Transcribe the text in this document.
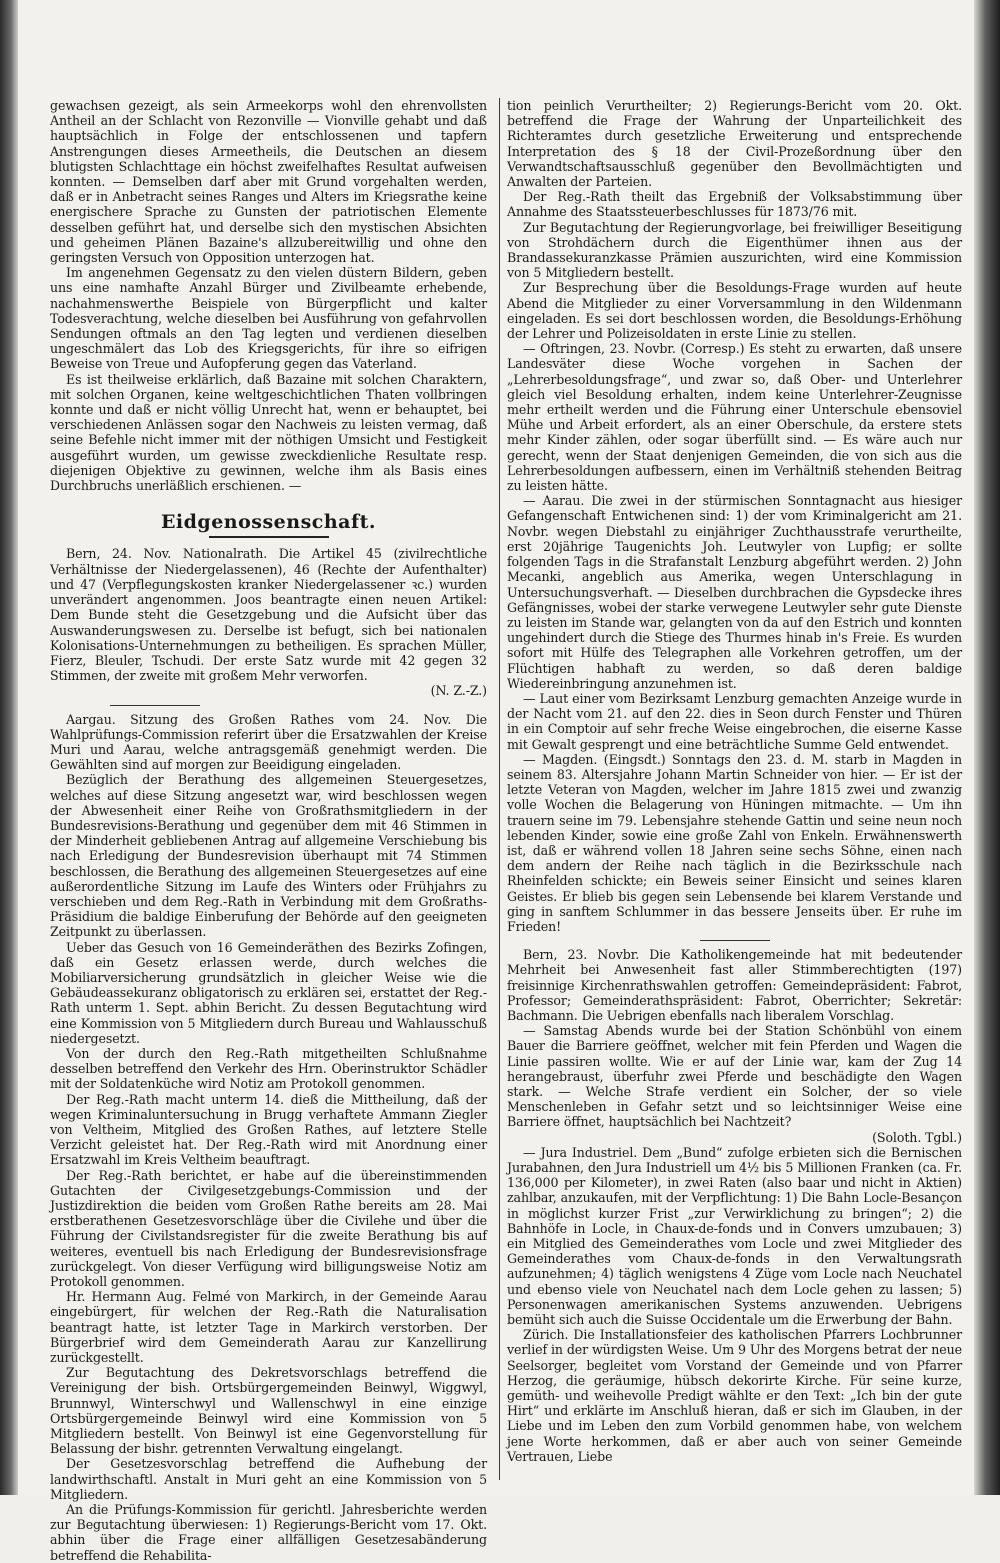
gewachsen gezeigt, als sein Armeekorps wohl den ehrenvollsten Antheil an der Schlacht von Rezonville — Vionville gehabt und daß hauptsächlich in Folge der entschlossenen und tapfern Anstrengungen dieses Armeetheils, die Deutschen an diesem blutigsten Schlachttage ein höchst zweifelhaftes Resultat aufweisen konnten. — Demselben darf aber mit Grund vorgehalten werden, daß er in Anbetracht seines Ranges und Alters im Kriegsrathe keine energischere Sprache zu Gunsten der patriotischen Elemente desselben geführt hat, und derselbe sich den mystischen Absichten und geheimen Plänen Bazaine's allzubereitwillig und ohne den geringsten Versuch von Opposition unterzogen hat.

Im angenehmen Gegensatz zu den vielen düstern Bildern, geben uns eine namhafte Anzahl Bürger und Zivilbeamte erhebende, nachahmenswerthe Beispiele von Bürgerpflicht und kalter Todesverachtung, welche dieselben bei Ausführung von gefahrvollen Sendungen oftmals an den Tag legten und verdienen dieselben ungeschmälert das Lob des Kriegsgerichts, für ihre so eifrigen Beweise von Treue und Aufopferung gegen das Vaterland.

Es ist theilweise erklärlich, daß Bazaine mit solchen Charaktern, mit solchen Organen, keine weltgeschichtlichen Thaten vollbringen konnte und daß er nicht völlig Unrecht hat, wenn er behauptet, bei verschiedenen Anlässen sogar den Nachweis zu leisten vermag, daß seine Befehle nicht immer mit der nöthigen Umsicht und Festigkeit ausgeführt wurden, um gewisse zweckdienliche Resultate resp. diejenigen Objektive zu gewinnen, welche ihm als Basis eines Durchbruchs unerläßlich erschienen. —

Eidgenossenschaft.

Bern, 24. Nov. Nationalrath. Die Artikel 45 (zivilrechtliche Verhältnisse der Niedergelassenen), 46 (Rechte der Aufenthalter) und 47 (Verpflegungskosten kranker Niedergelassener ꝛc.) wurden unverändert angenommen. Joos beantragte einen neuen Artikel: Dem Bunde steht die Gesetzgebung und die Aufsicht über das Auswanderungswesen zu. Derselbe ist befugt, sich bei nationalen Kolonisations-Unternehmungen zu betheiligen. Es sprachen Müller, Fierz, Bleuler, Tschudi. Der erste Satz wurde mit 42 gegen 32 Stimmen, der zweite mit großem Mehr verworfen.

(N. Z.-Z.)

Aargau. Sitzung des Großen Rathes vom 24. Nov. Die Wahlprüfungs-Commission referirt über die Ersatzwahlen der Kreise Muri und Aarau, welche antragsgemäß genehmigt werden. Die Gewählten sind auf morgen zur Beeidigung eingeladen.

Bezüglich der Berathung des allgemeinen Steuergesetzes, welches auf diese Sitzung angesetzt war, wird beschlossen wegen der Abwesenheit einer Reihe von Großrathsmitgliedern in der Bundesrevisions-Berathung und gegenüber dem mit 46 Stimmen in der Minderheit gebliebenen Antrag auf allgemeine Verschiebung bis nach Erledigung der Bundesrevision überhaupt mit 74 Stimmen beschlossen, die Berathung des allgemeinen Steuergesetzes auf eine außerordentliche Sitzung im Laufe des Winters oder Frühjahrs zu verschieben und dem Reg.-Rath in Verbindung mit dem Großraths-Präsidium die baldige Einberufung der Behörde auf den geeigneten Zeitpunkt zu überlassen.

Ueber das Gesuch von 16 Gemeinderäthen des Bezirks Zofingen, daß ein Gesetz erlassen werde, durch welches die Mobiliarversicherung grundsätzlich in gleicher Weise wie die Gebäudeassekuranz obligatorisch zu erklären sei, erstattet der Reg.-Rath unterm 1. Sept. abhin Bericht. Zu dessen Begutachtung wird eine Kommission von 5 Mitgliedern durch Bureau und Wahlausschuß niedergesetzt.

Von der durch den Reg.-Rath mitgetheilten Schlußnahme desselben betreffend den Verkehr des Hrn. Oberinstruktor Schädler mit der Soldatenküche wird Notiz am Protokoll genommen.

Der Reg.-Rath macht unterm 14. dieß die Mittheilung, daß der wegen Kriminaluntersuchung in Brugg verhaftete Ammann Ziegler von Veltheim, Mitglied des Großen Rathes, auf letztere Stelle Verzicht geleistet hat. Der Reg.-Rath wird mit Anordnung einer Ersatzwahl im Kreis Veltheim beauftragt.

Der Reg.-Rath berichtet, er habe auf die übereinstimmenden Gutachten der Civilgesetzgebungs-Commission und der Justizdirektion die beiden vom Großen Rathe bereits am 28. Mai erstberathenen Gesetzesvorschläge über die Civilehe und über die Führung der Civilstandsregister für die zweite Berathung bis auf weiteres, eventuell bis nach Erledigung der Bundesrevisionsfrage zurückgelegt. Von dieser Verfügung wird billigungsweise Notiz am Protokoll genommen.

Hr. Hermann Aug. Felmé von Markirch, in der Gemeinde Aarau eingebürgert, für welchen der Reg.-Rath die Naturalisation beantragt hatte, ist letzter Tage in Markirch verstorben. Der Bürgerbrief wird dem Gemeinderath Aarau zur Kanzellirung zurückgestellt.

Zur Begutachtung des Dekretsvorschlags betreffend die Vereinigung der bish. Ortsbürgergemeinden Beinwyl, Wiggwyl, Brunnwyl, Winterschwyl und Wallenschwyl in eine einzige Ortsbürgergemeinde Beinwyl wird eine Kommission von 5 Mitgliedern bestellt. Von Beinwyl ist eine Gegenvorstellung für Belassung der bishr. getrennten Verwaltung eingelangt.

Der Gesetzesvorschlag betreffend die Aufhebung der landwirthschaftl. Anstalt in Muri geht an eine Kommission von 5 Mitgliedern.

An die Prüfungs-Kommission für gerichtl. Jahresberichte werden zur Begutachtung überwiesen: 1) Regierungs-Bericht vom 17. Okt. abhin über die Frage einer allfälligen Gesetzesabänderung betreffend die Rehabilita-

tion peinlich Verurtheilter; 2) Regierungs-Bericht vom 20. Okt. betreffend die Frage der Wahrung der Unparteilichkeit des Richteramtes durch gesetzliche Erweiterung und entsprechende Interpretation des § 18 der Civil-Prozeßordnung über den Verwandtschaftsausschluß gegenüber den Bevollmächtigten und Anwalten der Parteien.

Der Reg.-Rath theilt das Ergebniß der Volksabstimmung über Annahme des Staatssteuerbeschlusses für 1873/76 mit.

Zur Begutachtung der Regierungvorlage, bei freiwilliger Beseitigung von Strohdächern durch die Eigenthümer ihnen aus der Brandassekuranzkasse Prämien auszurichten, wird eine Kommission von 5 Mitgliedern bestellt.

Zur Besprechung über die Besoldungs-Frage wurden auf heute Abend die Mitglieder zu einer Vorversammlung in den Wildenmann eingeladen. Es sei dort beschlossen worden, die Besoldungs-Erhöhung der Lehrer und Polizeisoldaten in erste Linie zu stellen.

— Oftringen, 23. Novbr. (Corresp.) Es steht zu erwarten, daß unsere Landesväter diese Woche vorgehen in Sachen der „Lehrerbesoldungsfrage“, und zwar so, daß Ober- und Unterlehrer gleich viel Besoldung erhalten, indem keine Unterlehrer-Zeugnisse mehr ertheilt werden und die Führung einer Unterschule ebensoviel Mühe und Arbeit erfordert, als an einer Oberschule, da erstere stets mehr Kinder zählen, oder sogar überfüllt sind. — Es wäre auch nur gerecht, wenn der Staat denjenigen Gemeinden, die von sich aus die Lehrerbesoldungen aufbessern, einen im Verhältniß stehenden Beitrag zu leisten hätte.

— Aarau. Die zwei in der stürmischen Sonntagnacht aus hiesiger Gefangenschaft Entwichenen sind: 1) der vom Kriminalgericht am 21. Novbr. wegen Diebstahl zu einjähriger Zuchthausstrafe verurtheilte, erst 20jährige Taugenichts Joh. Leutwyler von Lupfig; er sollte folgenden Tags in die Strafanstalt Lenzburg abgeführt werden. 2) John Mecanki, angeblich aus Amerika, wegen Unterschlagung in Untersuchungsverhaft. — Dieselben durchbrachen die Gypsdecke ihres Gefängnisses, wobei der starke verwegene Leutwyler sehr gute Dienste zu leisten im Stande war, gelangten von da auf den Estrich und konnten ungehindert durch die Stiege des Thurmes hinab in's Freie. Es wurden sofort mit Hülfe des Telegraphen alle Vorkehren getroffen, um der Flüchtigen habhaft zu werden, so daß deren baldige Wiedereinbringung anzunehmen ist.

— Laut einer vom Bezirksamt Lenzburg gemachten Anzeige wurde in der Nacht vom 21. auf den 22. dies in Seon durch Fenster und Thüren in ein Comptoir auf sehr freche Weise eingebrochen, die eiserne Kasse mit Gewalt gesprengt und eine beträchtliche Summe Geld entwendet.

— Magden. (Eingsdt.) Sonntags den 23. d. M. starb in Magden in seinem 83. Altersjahre Johann Martin Schneider von hier. — Er ist der letzte Veteran von Magden, welcher im Jahre 1815 zwei und zwanzig volle Wochen die Belagerung von Hüningen mitmachte. — Um ihn trauern seine im 79. Lebensjahre stehende Gattin und seine neun noch lebenden Kinder, sowie eine große Zahl von Enkeln. Erwähnenswerth ist, daß er während vollen 18 Jahren seine sechs Söhne, einen nach dem andern der Reihe nach täglich in die Bezirksschule nach Rheinfelden schickte; ein Beweis seiner Einsicht und seines klaren Geistes. Er blieb bis gegen sein Lebensende bei klarem Verstande und ging in sanftem Schlummer in das bessere Jenseits über. Er ruhe im Frieden!

Bern, 23. Novbr. Die Katholikengemeinde hat mit bedeutender Mehrheit bei Anwesenheit fast aller Stimmberechtigten (197) freisinnige Kirchenrathswahlen getroffen: Gemeindepräsident: Fabrot, Professor; Gemeinderathspräsident: Fabrot, Oberrichter; Sekretär: Bachmann. Die Uebrigen ebenfalls nach liberalem Vorschlag.

— Samstag Abends wurde bei der Station Schönbühl von einem Bauer die Barriere geöffnet, welcher mit fein Pferden und Wagen die Linie passiren wollte. Wie er auf der Linie war, kam der Zug 14 herangebraust, überfuhr zwei Pferde und beschädigte den Wagen stark. — Welche Strafe verdient ein Solcher, der so viele Menschenleben in Gefahr setzt und so leichtsinniger Weise eine Barriere öffnet, hauptsächlich bei Nachtzeit?

(Soloth. Tgbl.)

— Jura Industriel. Dem „Bund“ zufolge erbieten sich die Bernischen Jurabahnen, den Jura Industriell um 4½ bis 5 Millionen Franken (ca. Fr. 136,000 per Kilometer), in zwei Raten (also baar und nicht in Aktien) zahlbar, anzukaufen, mit der Verpflichtung: 1) Die Bahn Locle-Besançon in möglichst kurzer Frist „zur Verwirklichung zu bringen“; 2) die Bahnhöfe in Locle, in Chaux-de-fonds und in Convers umzubauen; 3) ein Mitglied des Gemeinderathes vom Locle und zwei Mitglieder des Gemeinderathes vom Chaux-de-fonds in den Verwaltungsrath aufzunehmen; 4) täglich wenigstens 4 Züge vom Locle nach Neuchatel und ebenso viele von Neuchatel nach dem Locle gehen zu lassen; 5) Personenwagen amerikanischen Systems anzuwenden. Uebrigens bemüht sich auch die Suisse Occidentale um die Erwerbung der Bahn.

Zürich. Die Installationsfeier des katholischen Pfarrers Lochbrunner verlief in der würdigsten Weise. Um 9 Uhr des Morgens betrat der neue Seelsorger, begleitet vom Vorstand der Gemeinde und von Pfarrer Herzog, die geräumige, hübsch dekorirte Kirche. Für seine kurze, gemüth- und weihevolle Predigt wählte er den Text: „Ich bin der gute Hirt“ und erklärte im Anschluß hieran, daß er sich im Glauben, in der Liebe und im Leben den zum Vorbild genommen habe, von welchem jene Worte herkommen, daß er aber auch von seiner Gemeinde Vertrauen, Liebe
